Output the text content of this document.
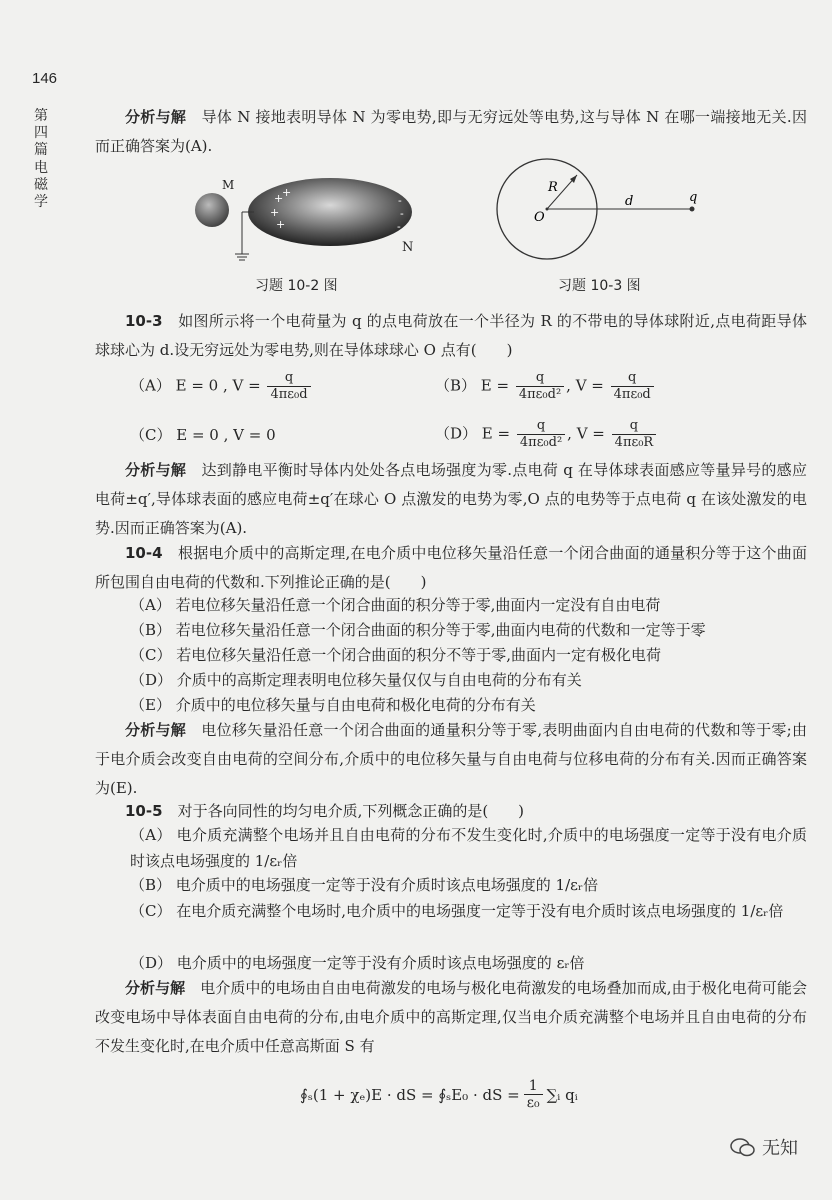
146
第四篇
电磁学
分析与解　 导体 N 接地表明导体 N 为零电势,即与无穷远处等电势,这与导体 N 在哪一端接地无关.因而正确答案为(A).
M
+
+
+
+
-
-
-
N
习题 10-2 图
R
O
d	q
习题 10-3 图
10-3　 如图所示将一个电荷量为 q 的点电荷放在一个半径为 R 的不带电的导体球附近,点电荷距导体球球心为 d.设无穷远处为零电势,则在导体球球心 O 点有(　　)
（A） E = 0 , $V = \frac{q}{\text{4πε₀d}}$	（B） $E = \frac{q}{\text{4πε₀d²}}$ , $V = \frac{q}{\text{4πε₀d}}$
（C） E = 0 , V = 0	（D） $E = \frac{q}{\text{4πε₀d²}}$ , $V = \frac{q}{\text{4πε₀R}}$
分析与解　 达到静电平衡时导体内处处各点电场强度为零.点电荷 q 在导体球表面感应等量异号的感应电荷±q′,导体球表面的感应电荷±q′在球心 O 点激发的电势为零,O 点的电势等于点电荷 q 在该处激发的电势.因而正确答案为(A).
10-4　 根据电介质中的高斯定理,在电介质中电位移矢量沿任意一个闭合曲面的通量积分等于这个曲面所包围自由电荷的代数和.下列推论正确的是(　　)
（A） 若电位移矢量沿任意一个闭合曲面的积分等于零,曲面内一定没有自由电荷
（B） 若电位移矢量沿任意一个闭合曲面的积分等于零,曲面内电荷的代数和一定等于零
（C） 若电位移矢量沿任意一个闭合曲面的积分不等于零,曲面内一定有极化电荷
（D） 介质中的高斯定理表明电位移矢量仅仅与自由电荷的分布有关
（E） 介质中的电位移矢量与自由电荷和极化电荷的分布有关
分析与解　 电位移矢量沿任意一个闭合曲面的通量积分等于零,表明曲面内自由电荷的代数和等于零;由于电介质会改变自由电荷的空间分布,介质中的电位移矢量与自由电荷与位移电荷的分布有关.因而正确答案为(E).
10-5　 对于各向同性的均匀电介质,下列概念正确的是(　　)
（A） 电介质充满整个电场并且自由电荷的分布不发生变化时,介质中的电场强度一定等于没有电介质时该点电场强度的 1/εᵣ倍
（B） 电介质中的电场强度一定等于没有介质时该点电场强度的 1/εᵣ倍
（C） 在电介质充满整个电场时,电介质中的电场强度一定等于没有电介质时该点电场强度的 1/εᵣ倍
（D） 电介质中的电场强度一定等于没有介质时该点电场强度的 εᵣ倍
分析与解　 电介质中的电场由自由电荷激发的电场与极化电荷激发的电场叠加而成,由于极化电荷可能会改变电场中导体表面自由电荷的分布,由电介质中的高斯定理,仅当电介质充满整个电场并且自由电荷的分布不发生变化时,在电介质中任意高斯面 S 有
∮ₛ(1 + χₑ)E · dS = ∮ₛE₀ · dS = $\frac{1}{\text{ε₀}}$ ∑ᵢ qᵢ
无知
